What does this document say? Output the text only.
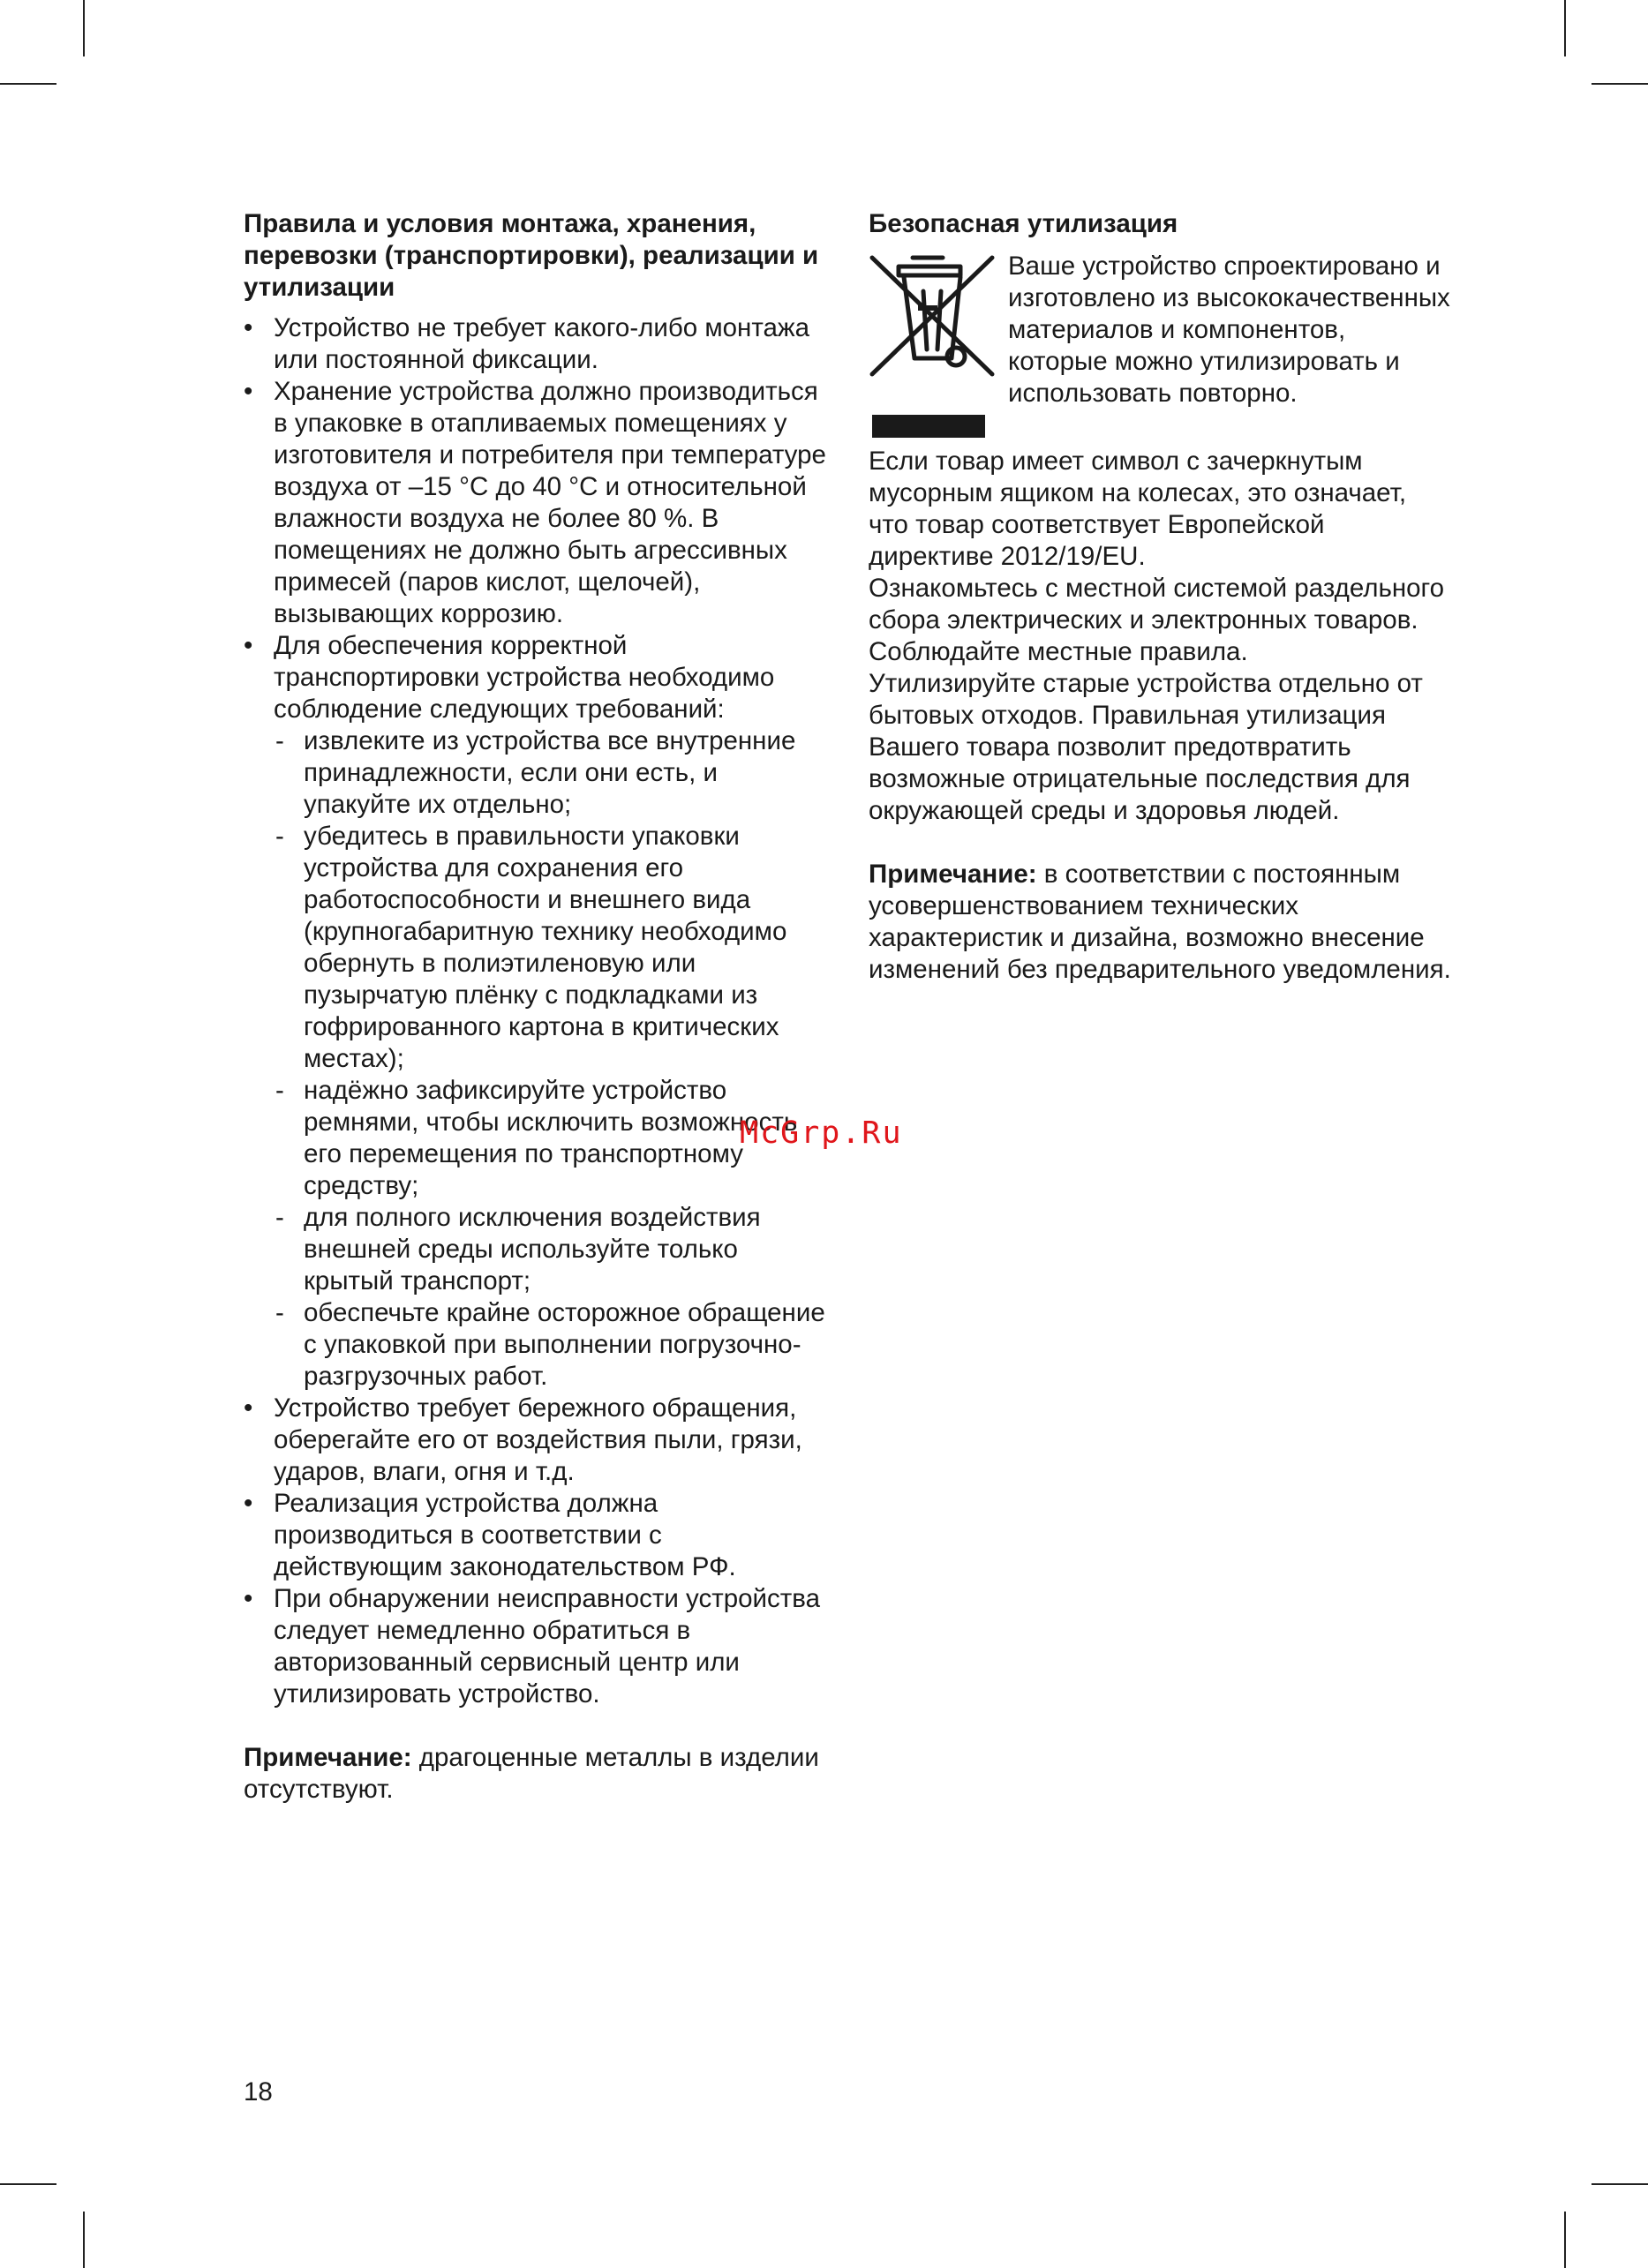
Правила и условия монтажа, хранения, перевозки (транспортировки), реализации и утилизации
• Устройство не требует какого-либо монтажа или постоянной фиксации.
• Хранение устройства должно производиться в упаковке в отапливаемых помещениях у изготовителя и потребителя при температуре воздуха от –15 °C до 40 °C и относительной влажности воздуха не более 80 %. В помещениях не должно быть агрессивных примесей (паров кислот, щелочей), вызывающих коррозию.
• Для обеспечения корректной транспортировки устройства необходимо соблюдение следующих требований:
- извлеките из устройства все внутренние принадлежности, если они есть, и упакуйте их отдельно;
- убедитесь в правильности упаковки устройства для сохранения его работоспособности и внешнего вида (крупногабаритную технику необходимо обернуть в полиэтиленовую или пузырчатую плёнку с подкладками из гофрированного картона в критических местах);
- надёжно зафиксируйте устройство ремнями, чтобы исключить возможность его перемещения по транспортному средству;
- для полного исключения воздействия внешней среды используйте только крытый транспорт;
- обеспечьте крайне осторожное обращение с упаковкой при выполнении погрузочно-разгрузочных работ.
• Устройство требует бережного обращения, оберегайте его от воздействия пыли, грязи, ударов, влаги, огня и т.д.
• Реализация устройства должна производиться в соответствии с действующим законодательством РФ.
• При обнаружении неисправности устройства следует немедленно обратиться в авторизованный сервисный центр или утилизировать устройство.

Примечание: драгоценные металлы в изделии отсутствуют.

Безопасная утилизация

Ваше устройство спроектировано и изготовлено из высококачественных материалов и компонентов, которые можно утилизировать и использовать повторно.

Если товар имеет символ с зачеркнутым мусорным ящиком на колесах, это означает, что товар соответствует Европейской директиве 2012/19/EU.

Ознакомьтесь с местной системой раздельного сбора электрических и электронных товаров.

Соблюдайте местные правила.

Утилизируйте старые устройства отдельно от бытовых отходов. Правильная утилизация Вашего товара позволит предотвратить возможные отрицательные последствия для окружающей среды и здоровья людей.

Примечание: в соответствии с постоянным усовершенствованием технических характеристик и дизайна, возможно внесение изменений без предварительного уведомления.

McGrp.Ru
18
